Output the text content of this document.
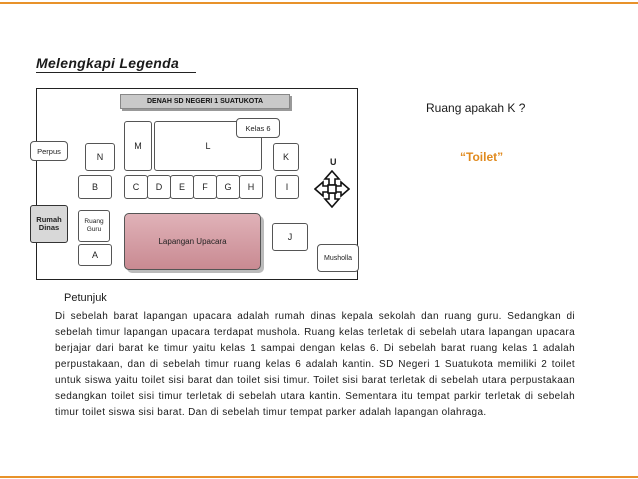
Melengkapi Legenda
DENAH SD NEGERI 1 SUATUKOTA
M	L
N	K
B	C	D	E	F	G	H	I
Ruang Guru
Lapangan Upacara	J
A
Perpus
Kelas 6
Rumah Dinas
Musholla
U
Ruang apakah K ?
“Toilet”
Petunjuk
Di sebelah barat lapangan upacara adalah rumah dinas kepala sekolah dan ruang guru. Sedangkan di sebelah timur lapangan upacara terdapat mushola. Ruang kelas terletak di sebelah utara lapangan upacara berjajar dari barat ke timur yaitu kelas 1 sampai dengan kelas 6. Di sebelah barat ruang kelas 1 adalah perpustakaan, dan di sebelah timur ruang kelas 6 adalah kantin. SD Negeri 1 Suatukota memiliki 2 toilet untuk siswa yaitu toilet sisi barat dan toilet sisi timur. Toilet sisi barat terletak di sebelah utara perpustakaan sedangkan toilet sisi timur terletak di sebelah utara kantin. Sementara itu tempat parkir terletak di sebelah timur toilet siswa sisi barat. Dan di sebelah timur tempat parker adalah lapangan olahraga.
